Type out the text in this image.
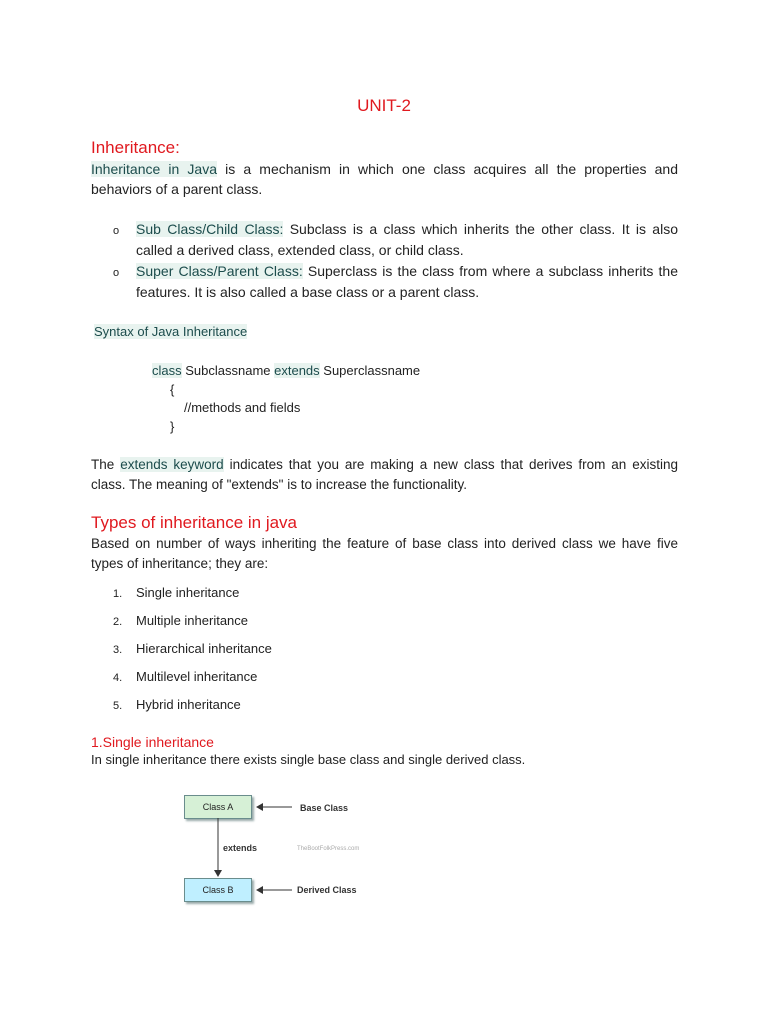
UNIT-2
Inheritance:
Inheritance in Java is a mechanism in which one class acquires all the properties and behaviors of a parent class.
o Sub Class/Child Class: Subclass is a class which inherits the other class. It is also called a derived class, extended class, or child class.
o Super Class/Parent Class: Superclass is the class from where a subclass inherits the features. It is also called a base class or a parent class.
Syntax of Java Inheritance
class Subclassname extends Superclassname
{
//methods and fields
}
The extends keyword indicates that you are making a new class that derives from an existing class. The meaning of "extends" is to increase the functionality.
Types of inheritance in java
Based on number of ways inheriting the feature of base class into derived class we have five types of inheritance; they are:
1. Single inheritance
2. Multiple inheritance
3. Hierarchical inheritance
4. Multilevel inheritance
5. Hybrid inheritance
1.Single inheritance
In single inheritance there exists single base class and single derived class.
Class A
Class B
extends
Base Class
Derived Class
TheBootFolkPress.com
